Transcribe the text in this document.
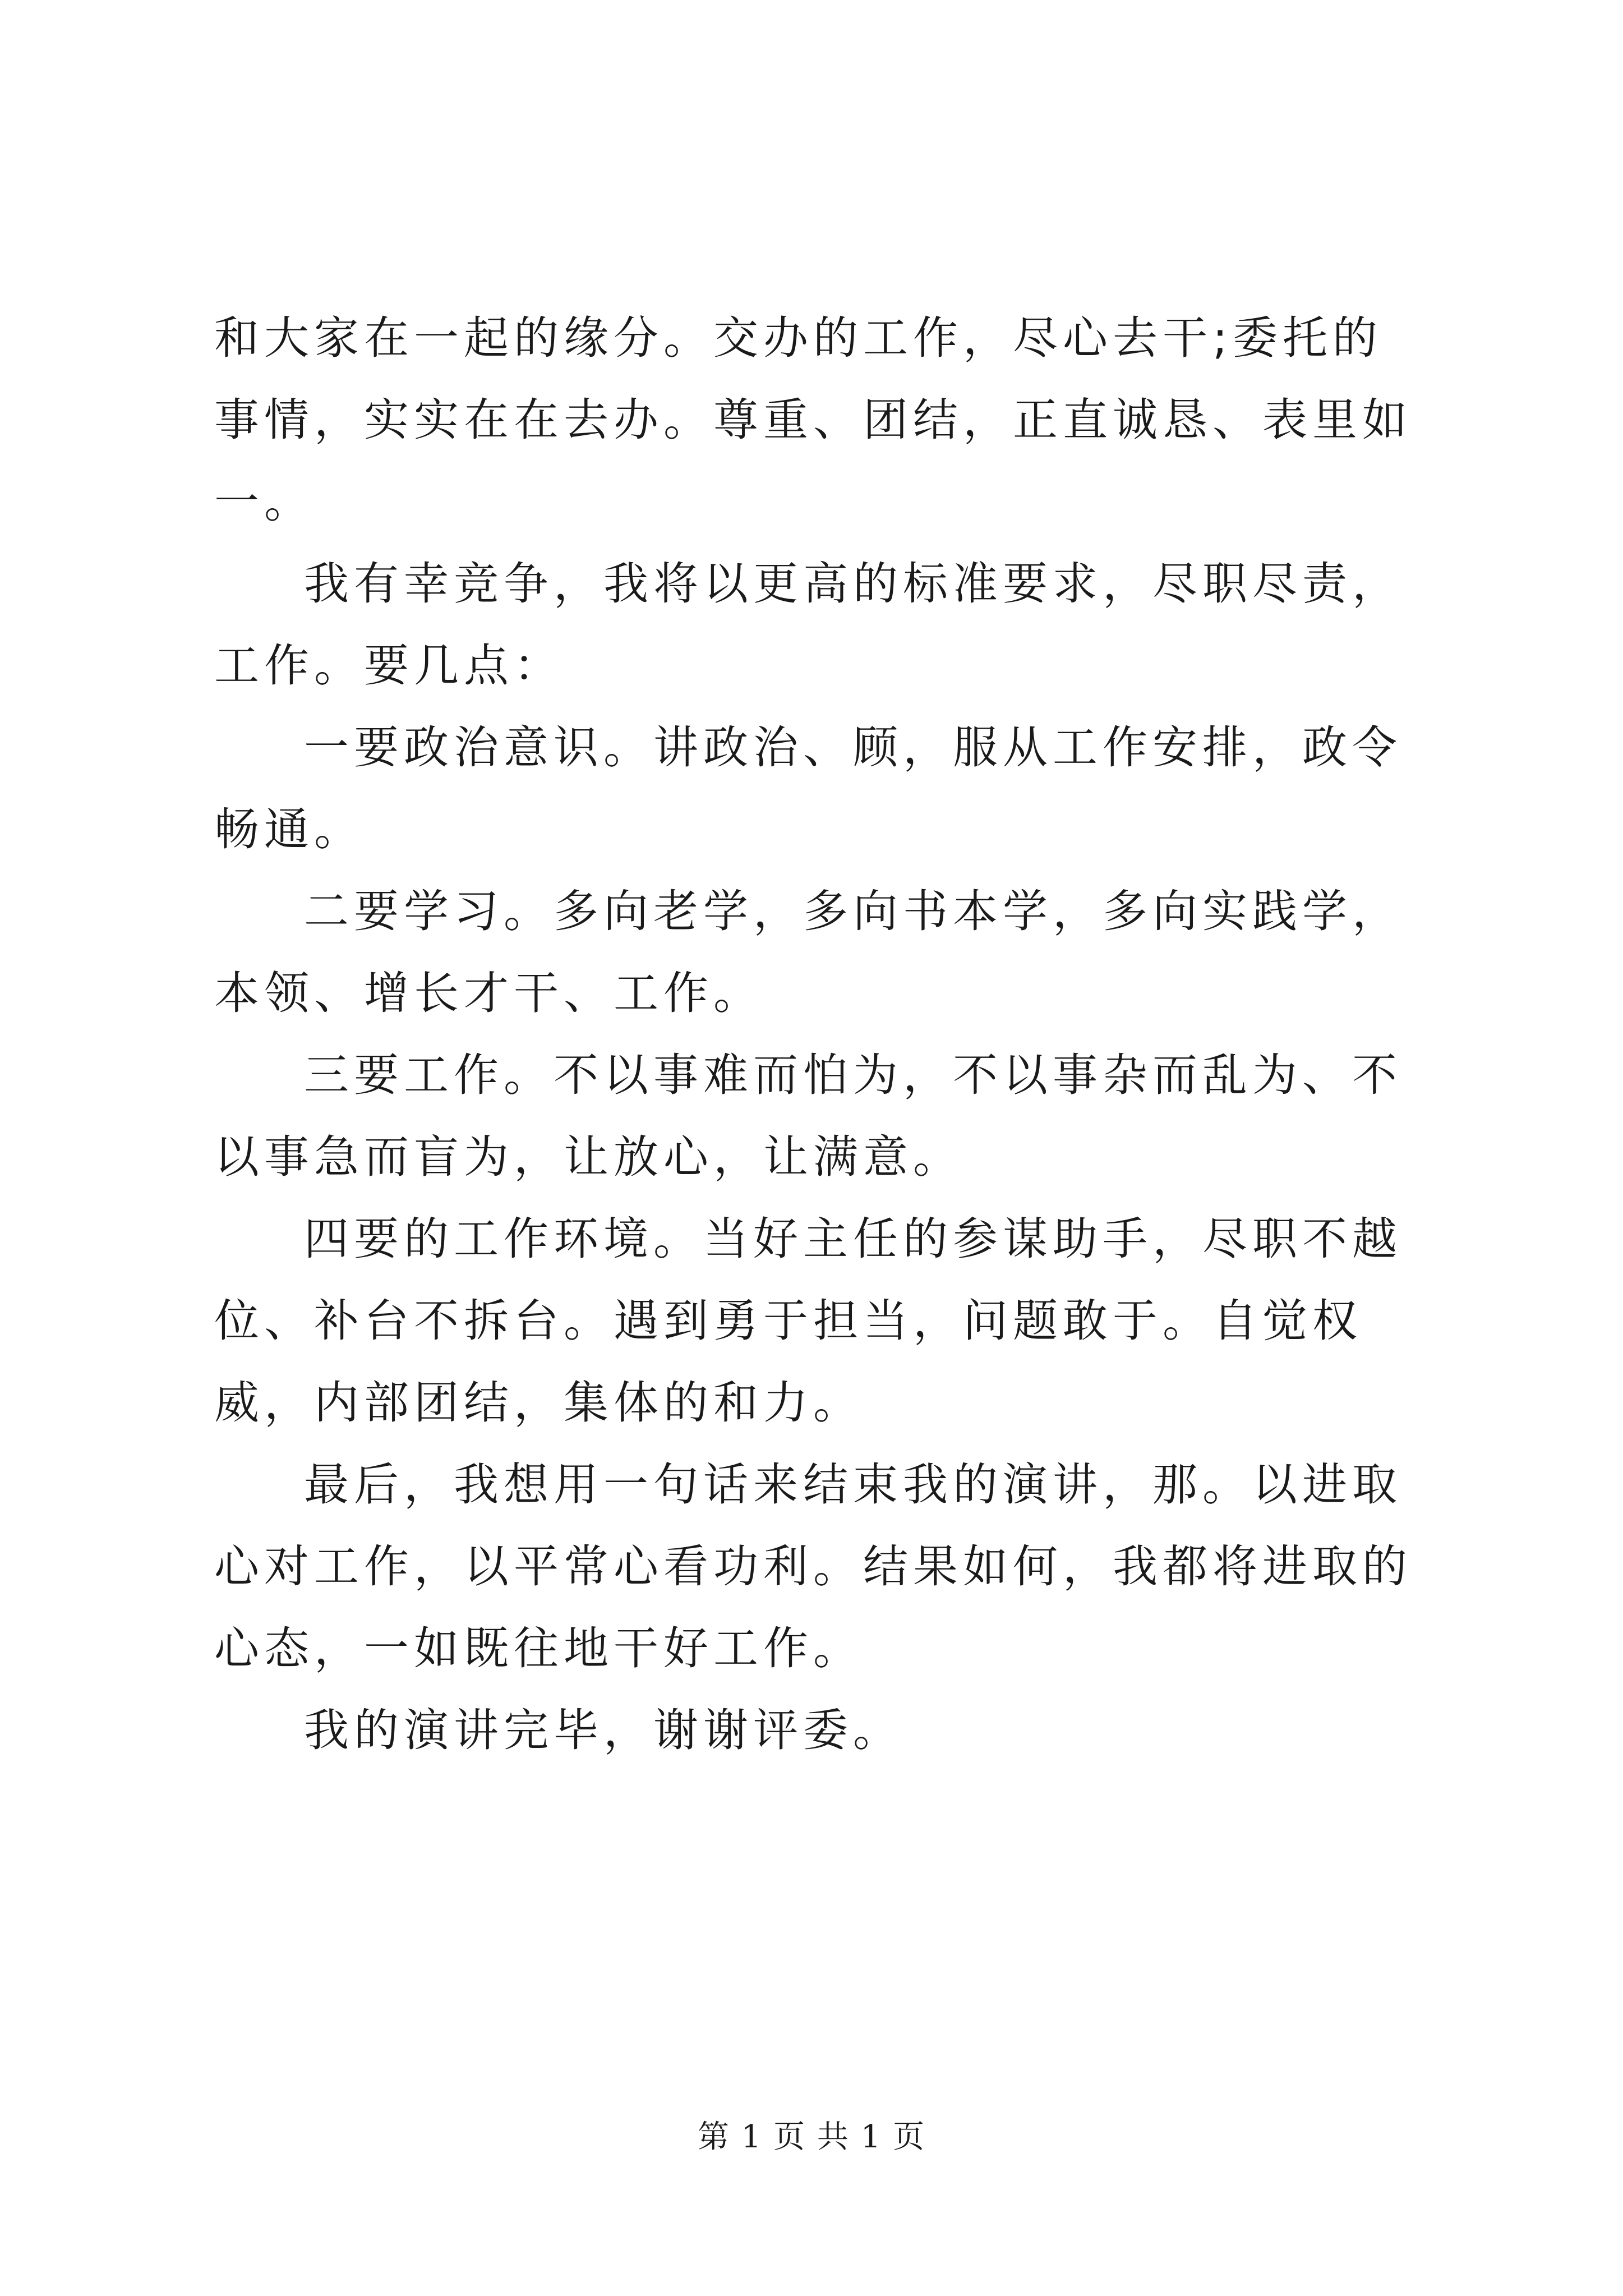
和大家在一起的缘分。交办的工作，尽心去干;委托的事情，实实在在去办。尊重、团结，正直诚恳、表里如一。

我有幸竞争，我将以更高的标准要求，尽职尽责，工作。要几点：

一要政治意识。讲政治、顾，服从工作安排，政令畅通。

二要学习。多向老学，多向书本学，多向实践学，本领、增长才干、工作。

三要工作。不以事难而怕为，不以事杂而乱为、不以事急而盲为，让放心，让满意。

四要的工作环境。当好主任的参谋助手，尽职不越位、补台不拆台。遇到勇于担当，问题敢于。自觉权威，内部团结，集体的和力。

最后，我想用一句话来结束我的演讲，那。以进取心对工作，以平常心看功利。结果如何，我都将进取的心态，一如既往地干好工作。

我的演讲完毕，谢谢评委。

第 1 页 共 1 页
